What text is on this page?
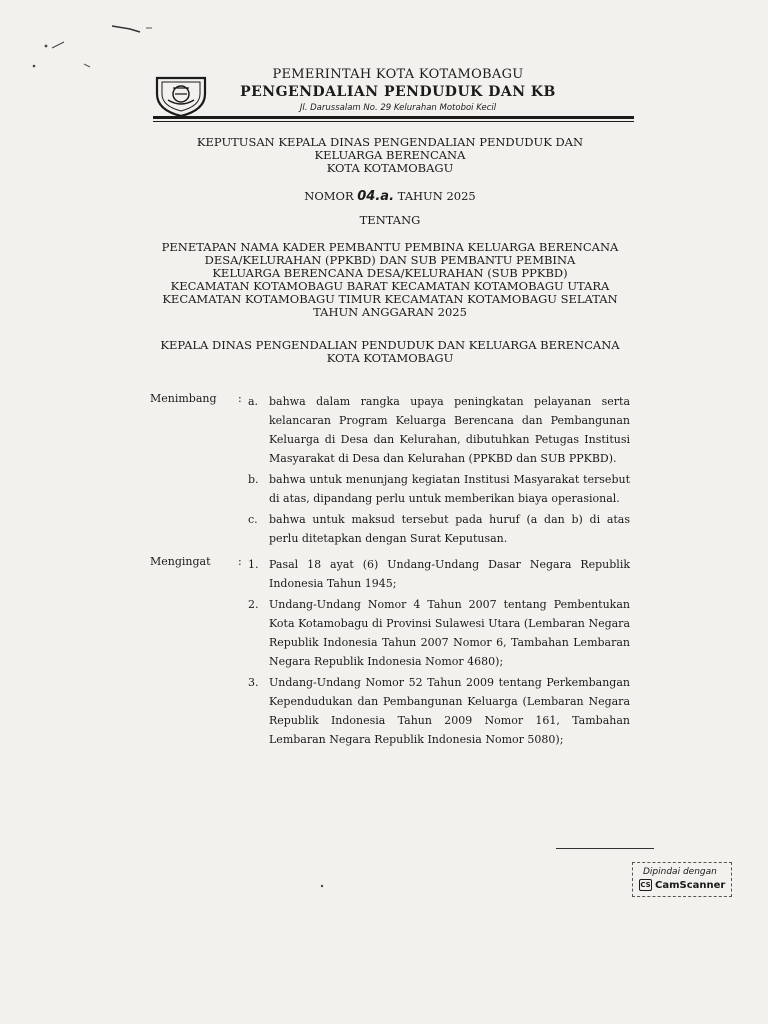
PEMERINTAH KOTA KOTAMOBAGU
PENGENDALIAN PENDUDUK DAN KB
Jl. Darussalam No. 29 Kelurahan Motoboi Kecil
KEPUTUSAN KEPALA DINAS PENGENDALIAN PENDUDUK DAN
KELUARGA BERENCANA
KOTA KOTAMOBAGU
NOMOR 04.a. TAHUN 2025
TENTANG
PENETAPAN NAMA KADER PEMBANTU PEMBINA KELUARGA BERENCANA
DESA/KELURAHAN (PPKBD) DAN SUB PEMBANTU PEMBINA
KELUARGA BERENCANA DESA/KELURAHAN (SUB PPKBD)
KECAMATAN KOTAMOBAGU BARAT KECAMATAN KOTAMOBAGU UTARA
KECAMATAN KOTAMOBAGU TIMUR KECAMATAN KOTAMOBAGU SELATAN
TAHUN ANGGARAN 2025
KEPALA DINAS PENGENDALIAN PENDUDUK DAN KELUARGA BERENCANA
KOTA KOTAMOBAGU
Menimbang	: a. bahwa dalam rangka upaya peningkatan pelayanan serta kelancaran Program Keluarga Berencana dan Pembangunan Keluarga di Desa dan Kelurahan, dibutuhkan Petugas Institusi Masyarakat di Desa dan Kelurahan (PPKBD dan SUB PPKBD).
b. bahwa untuk menunjang kegiatan Institusi Masyarakat tersebut di atas, dipandang perlu untuk memberikan biaya operasional.
c.	bahwa untuk maksud tersebut pada huruf (a dan b) di atas perlu ditetapkan dengan Surat Keputusan.
Mengingat	: 1. Pasal 18 ayat (6) Undang-Undang Dasar Negara Republik Indonesia Tahun 1945;
2. Undang-Undang Nomor 4 Tahun 2007 tentang Pembentukan Kota Kotamobagu di Provinsi Sulawesi Utara (Lembaran Negara Republik Indonesia Tahun 2007 Nomor 6, Tambahan Lembaran Negara Republik Indonesia Nomor 4680);
3. Undang-Undang Nomor 52 Tahun 2009 tentang Perkembangan Kependudukan dan Pembangunan Keluarga (Lembaran Negara Republik Indonesia Tahun 2009 Nomor 161, Tambahan Lembaran Negara Republik Indonesia Nomor 5080);
Dipindai dengan
CS CamScanner
